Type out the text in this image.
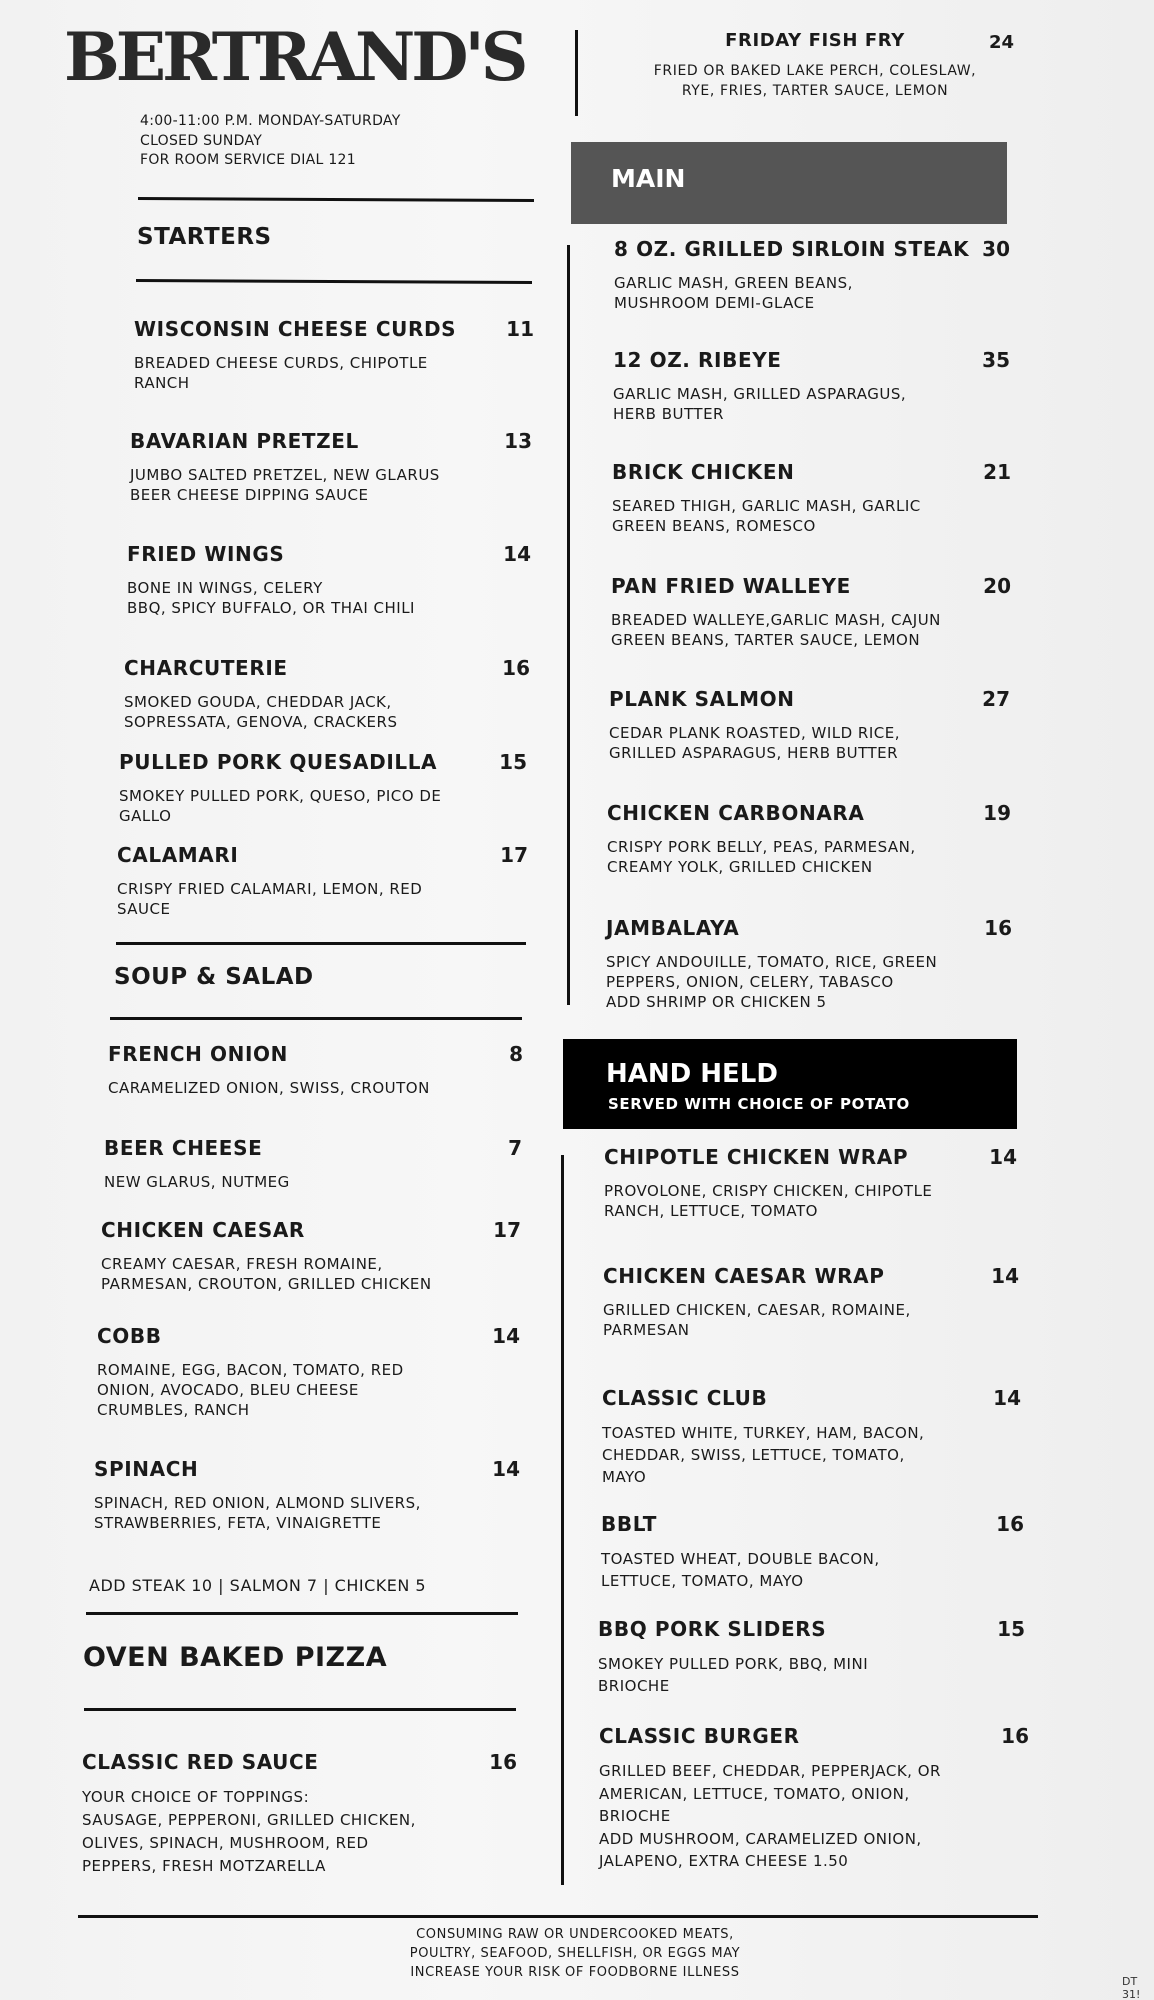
BERTRAND'S
4:00-11:00 P.M. MONDAY-SATURDAY
CLOSED SUNDAY
FOR ROOM SERVICE DIAL 121
FRIDAY FISH FRY	24
FRIED OR BAKED LAKE PERCH, COLESLAW,
RYE, FRIES, TARTER SAUCE, LEMON
STARTERS
WISCONSIN CHEESE CURDS	11
BREADED CHEESE CURDS, CHIPOTLE
RANCH
BAVARIAN PRETZEL	13
JUMBO SALTED PRETZEL, NEW GLARUS
BEER CHEESE DIPPING SAUCE
FRIED WINGS	14
BONE IN WINGS, CELERY
BBQ, SPICY BUFFALO, OR THAI CHILI
CHARCUTERIE	16
SMOKED GOUDA, CHEDDAR JACK,
SOPRESSATA, GENOVA, CRACKERS
PULLED PORK QUESADILLA	15
SMOKEY PULLED PORK, QUESO, PICO DE
GALLO
CALAMARI	17
CRISPY FRIED CALAMARI, LEMON, RED
SAUCE
SOUP & SALAD
FRENCH ONION	8
CARAMELIZED ONION, SWISS, CROUTON
BEER CHEESE	7
NEW GLARUS, NUTMEG
CHICKEN CAESAR	17
CREAMY CAESAR, FRESH ROMAINE,
PARMESAN, CROUTON, GRILLED CHICKEN
COBB	14
ROMAINE, EGG, BACON, TOMATO, RED
ONION, AVOCADO, BLEU CHEESE
CRUMBLES, RANCH
SPINACH	14
SPINACH, RED ONION, ALMOND SLIVERS,
STRAWBERRIES, FETA, VINAIGRETTE
ADD STEAK 10 | SALMON 7 | CHICKEN 5
OVEN BAKED PIZZA
CLASSIC RED SAUCE	16
YOUR CHOICE OF TOPPINGS:
SAUSAGE, PEPPERONI, GRILLED CHICKEN,
OLIVES, SPINACH, MUSHROOM, RED
PEPPERS, FRESH MOTZARELLA
MAIN
8 OZ. GRILLED SIRLOIN STEAK 30
GARLIC MASH, GREEN BEANS,
MUSHROOM DEMI-GLACE
12 OZ. RIBEYE	35
GARLIC MASH, GRILLED ASPARAGUS,
HERB BUTTER
BRICK CHICKEN	21
SEARED THIGH, GARLIC MASH, GARLIC
GREEN BEANS, ROMESCO
PAN FRIED WALLEYE	20
BREADED WALLEYE,GARLIC MASH, CAJUN
GREEN BEANS, TARTER SAUCE, LEMON
PLANK SALMON	27
CEDAR PLANK ROASTED, WILD RICE,
GRILLED ASPARAGUS, HERB BUTTER
CHICKEN CARBONARA	19
CRISPY PORK BELLY, PEAS, PARMESAN,
CREAMY YOLK, GRILLED CHICKEN
JAMBALAYA	16
SPICY ANDOUILLE, TOMATO, RICE, GREEN
PEPPERS, ONION, CELERY, TABASCO
ADD SHRIMP OR CHICKEN 5
HAND HELD
SERVED WITH CHOICE OF POTATO
CHIPOTLE CHICKEN WRAP	14
PROVOLONE, CRISPY CHICKEN, CHIPOTLE
RANCH, LETTUCE, TOMATO
CHICKEN CAESAR WRAP	14
GRILLED CHICKEN, CAESAR, ROMAINE,
PARMESAN
CLASSIC CLUB	14
TOASTED WHITE, TURKEY, HAM, BACON,
CHEDDAR, SWISS, LETTUCE, TOMATO,
MAYO
BBLT	16
TOASTED WHEAT, DOUBLE BACON,
LETTUCE, TOMATO, MAYO
BBQ PORK SLIDERS	15
SMOKEY PULLED PORK, BBQ, MINI
BRIOCHE
CLASSIC BURGER	16
GRILLED BEEF, CHEDDAR, PEPPERJACK, OR
AMERICAN, LETTUCE, TOMATO, ONION,
BRIOCHE
ADD MUSHROOM, CARAMELIZED ONION,
JALAPENO, EXTRA CHEESE 1.50
CONSUMING RAW OR UNDERCOOKED MEATS,
POULTRY, SEAFOOD, SHELLFISH, OR EGGS MAY
INCREASE YOUR RISK OF FOODBORNE ILLNESS
DT 31!
